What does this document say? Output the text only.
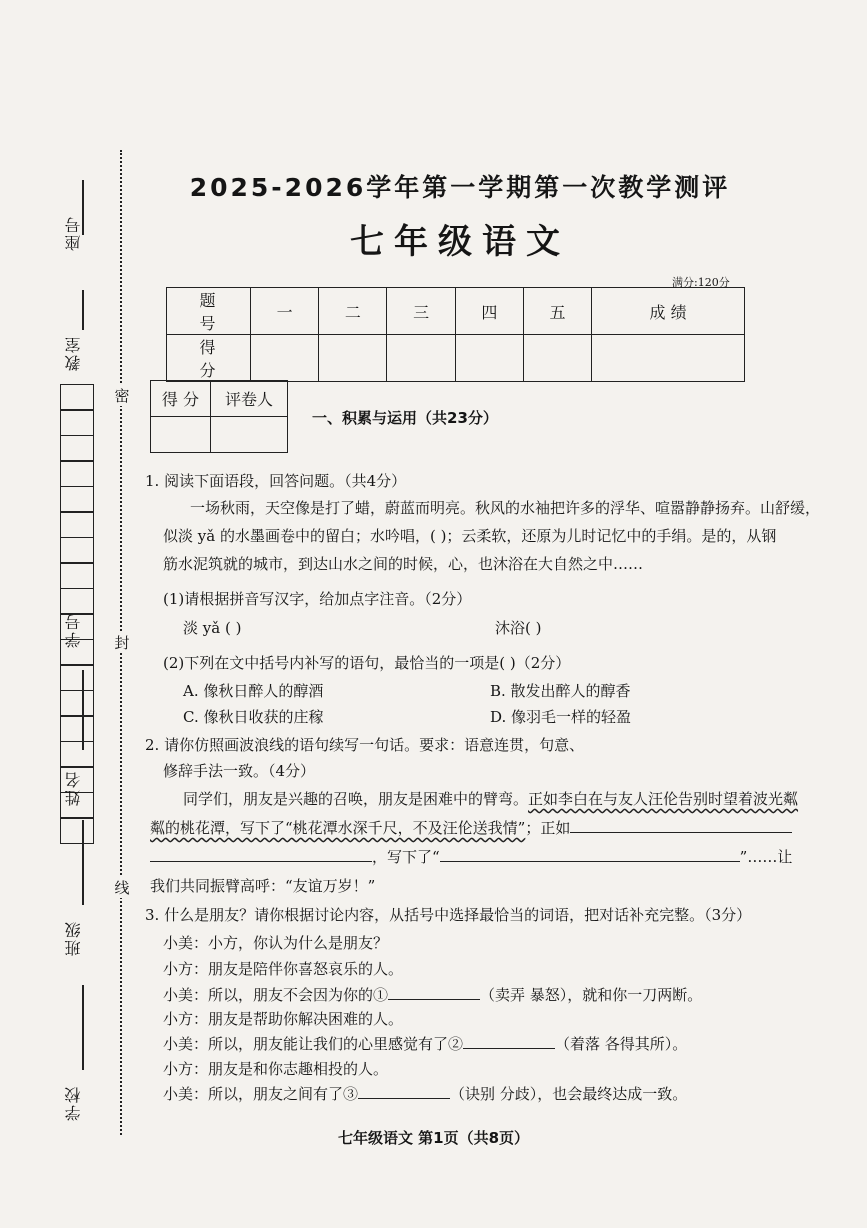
座号
教室
学号
姓名
班级
学校
密
封
线
2025-2026学年第一学期第一次教学测评
七年级语文
满分:120分
题 号	一	二	三	四	五	成 绩
得 分						
得 分	评卷人

一、积累与运用（共23分）
1. 阅读下面语段，回答问题。（共4分）
一场秋雨，天空像是打了蜡，蔚蓝而明亮。秋风的水袖把许多的浮华、喧嚣静静扬弃。山舒缓，
似淡 yǎ 的水墨画卷中的留白；水吟唱，( )；云柔软，还原为儿时记忆中的手绢。是的，从钢
筋水泥筑就的城市，到达山水之间的时候，心，也沐浴在大自然之中……
(1)请根据拼音写汉字，给加点字注音。（2分）
淡 yǎ ( )	沐浴( )
(2)下列在文中括号内补写的语句，最恰当的一项是( )（2分）
A. 像秋日醉人的醇酒	B. 散发出醉人的醇香
C. 像秋日收获的庄稼	D. 像羽毛一样的轻盈
2. 请你仿照画波浪线的语句续写一句话。要求：语意连贯，句意、
修辞手法一致。（4分）
同学们，朋友是兴趣的召唤，朋友是困难中的臂弯。正如李白在与友人汪伦告别时望着波光粼
粼的桃花潭，写下了“桃花潭水深千尺，不及汪伦送我情”；正如
，写下了“	”……让
我们共同振臂高呼：“友谊万岁！”
3. 什么是朋友？请你根据讨论内容，从括号中选择最恰当的词语，把对话补充完整。（3分）
小美：小方，你认为什么是朋友？
小方：朋友是陪伴你喜怒哀乐的人。
小美：所以，朋友不会因为你的①	（卖弄 暴怒），就和你一刀两断。
小方：朋友是帮助你解决困难的人。
小美：所以，朋友能让我们的心里感觉有了②	（着落 各得其所）。
小方：朋友是和你志趣相投的人。
小美：所以，朋友之间有了③	（诀别 分歧），也会最终达成一致。
七年级语文 第1页（共8页）
